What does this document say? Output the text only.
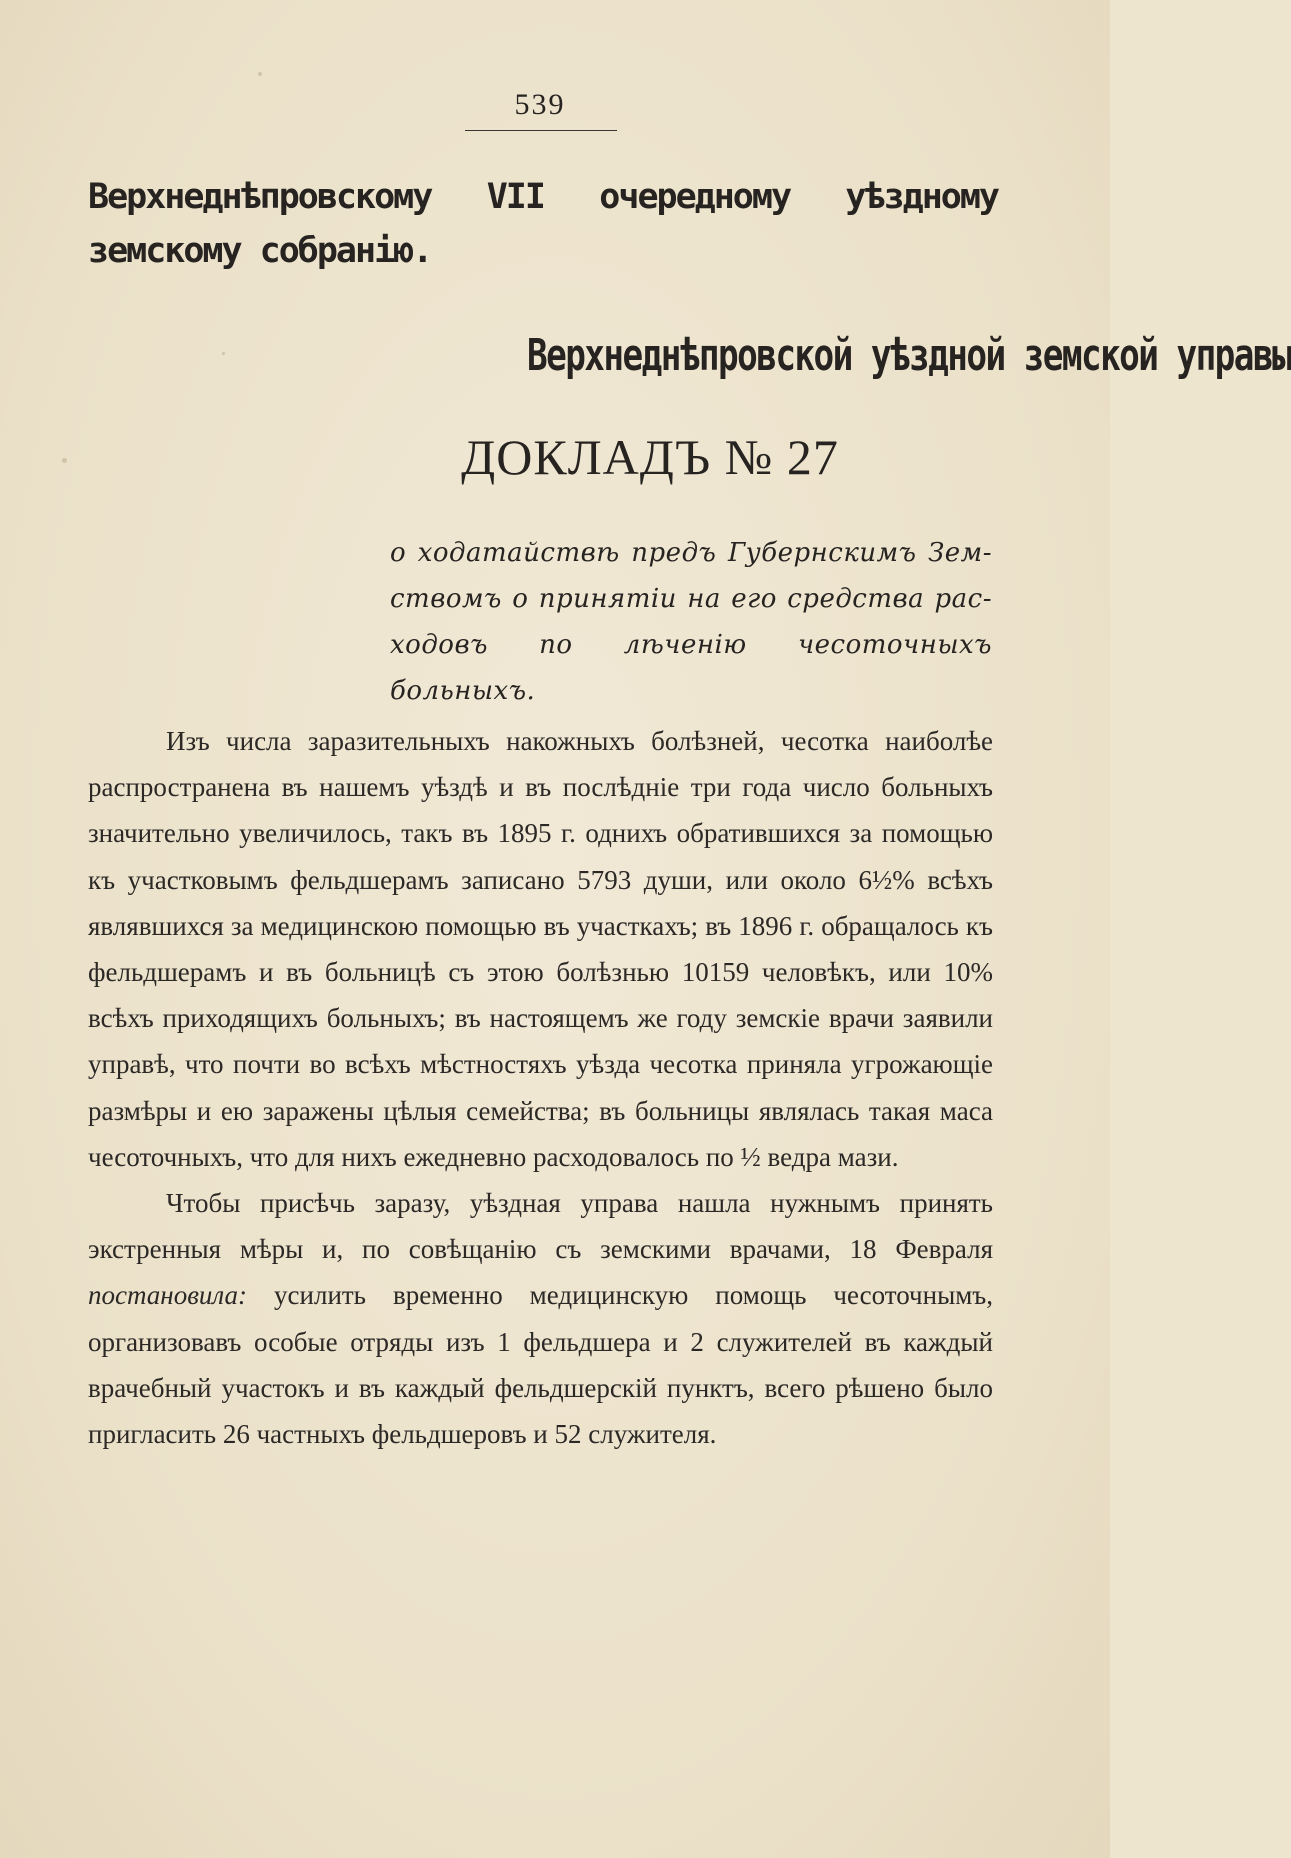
539
Верхнеднѣпровскому VII очередному уѣздному земскому собранію.
Верхнеднѣпровской уѣздной земской управы
ДОКЛАДЪ № 27
о ходатайствѣ предъ Губернскимъ Зем-
ствомъ о принятіи на его средства рас-
ходовъ по лѣченію чесоточныхъ больныхъ.

Изъ числа заразительныхъ накожныхъ болѣзней, чесотка наиболѣе распространена въ нашемъ уѣздѣ и въ послѣдніе три года число больныхъ значительно увеличилось, такъ въ 1895 г. однихъ обратившихся за помощью къ участковымъ фельдшерамъ записано 5793 души, или около 6½% всѣхъ являвшихся за медицинскою помощью въ участкахъ; въ 1896 г. обращалось къ фельдшерамъ и въ больницѣ съ этою болѣзнью 10159 человѣкъ, или 10% всѣхъ приходящихъ больныхъ; въ настоящемъ же году земскіе врачи заявили управѣ, что почти во всѣхъ мѣстностяхъ уѣзда чесотка приняла угрожающіе размѣры и ею заражены цѣлыя семейства; въ больницы являлась такая маса чесоточныхъ, что для нихъ ежедневно расходовалось по ½ ведра мази.

Чтобы присѣчь заразу, уѣздная управа нашла нужнымъ принять экстренныя мѣры и, по совѣщанію съ земскими врачами, 18 Февраля постановила: усилить временно медицинскую помощь чесоточнымъ, организовавъ особые отряды изъ 1 фельдшера и 2 служителей въ каждый врачебный участокъ и въ каждый фельдшерскій пунктъ, всего рѣшено было пригласить 26 частныхъ фельдшеровъ и 52 служителя.
